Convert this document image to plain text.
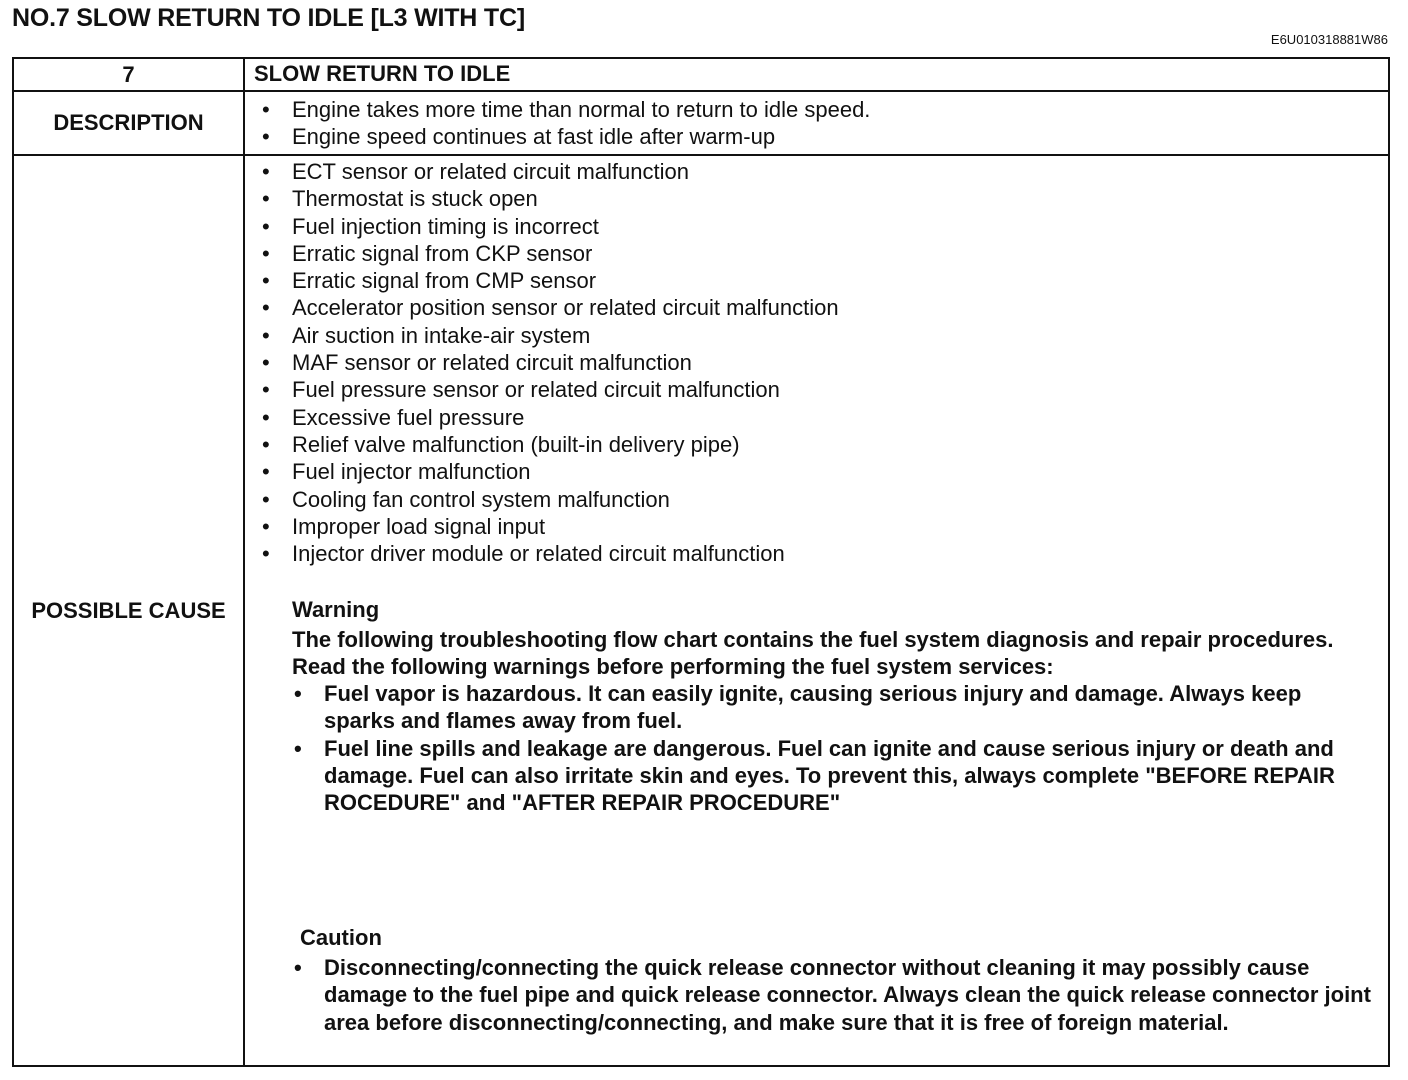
NO.7 SLOW RETURN TO IDLE [L3 WITH TC]
E6U010318881W86
7	SLOW RETURN TO IDLE
DESCRIPTION
• Engine takes more time than normal to return to idle speed.
• Engine speed continues at fast idle after warm-up
POSSIBLE CAUSE
• ECT sensor or related circuit malfunction
• Thermostat is stuck open
• Fuel injection timing is incorrect
• Erratic signal from CKP sensor
• Erratic signal from CMP sensor
• Accelerator position sensor or related circuit malfunction
• Air suction in intake-air system
• MAF sensor or related circuit malfunction
• Fuel pressure sensor or related circuit malfunction
• Excessive fuel pressure
• Relief valve malfunction (built-in delivery pipe)
• Fuel injector malfunction
• Cooling fan control system malfunction
• Improper load signal input
• Injector driver module or related circuit malfunction
Warning
The following troubleshooting flow chart contains the fuel system diagnosis and repair procedures. Read the following warnings before performing the fuel system services:
• Fuel vapor is hazardous. It can easily ignite, causing serious injury and damage. Always keep sparks and flames away from fuel.
• Fuel line spills and leakage are dangerous. Fuel can ignite and cause serious injury or death and damage. Fuel can also irritate skin and eyes. To prevent this, always complete "BEFORE REPAIR ROCEDURE" and "AFTER REPAIR PROCEDURE"
Caution
• Disconnecting/connecting the quick release connector without cleaning it may possibly cause damage to the fuel pipe and quick release connector. Always clean the quick release connector joint area before disconnecting/connecting, and make sure that it is free of foreign material.
